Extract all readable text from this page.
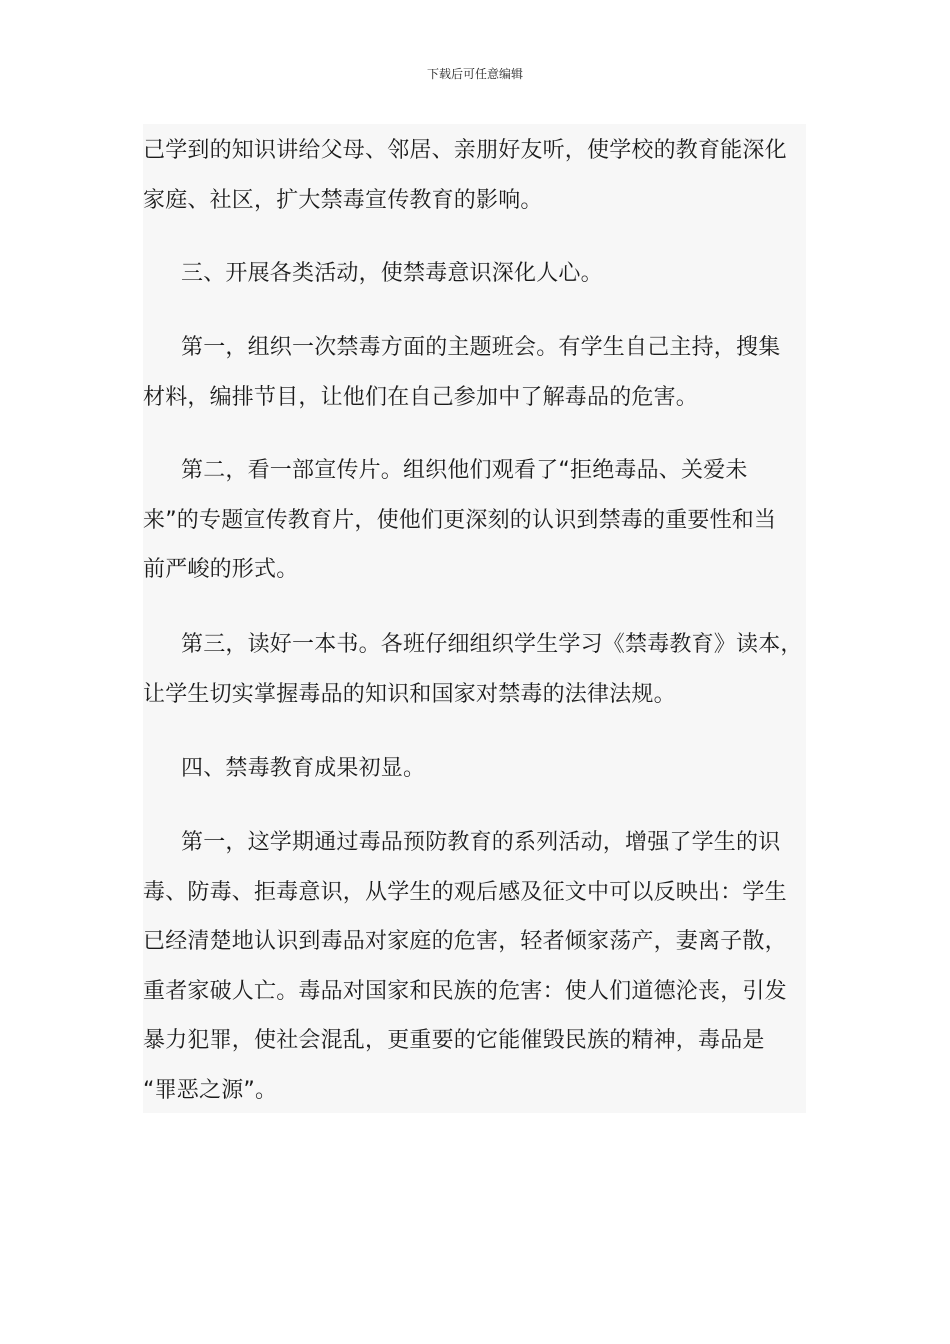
下载后可任意编辑
己学到的知识讲给父母、邻居、亲朋好友听，使学校的教育能深化
家庭、社区，扩大禁毒宣传教育的影响。
三、开展各类活动，使禁毒意识深化人心。
第一，组织一次禁毒方面的主题班会。有学生自己主持，搜集
材料，编排节目，让他们在自己参加中了解毒品的危害。
第二，看一部宣传片。组织他们观看了“拒绝毒品、关爱未
来”的专题宣传教育片，使他们更深刻的认识到禁毒的重要性和当
前严峻的形式。
第三，读好一本书。各班仔细组织学生学习《禁毒教育》读本，
让学生切实掌握毒品的知识和国家对禁毒的法律法规。
四、禁毒教育成果初显。
第一，这学期通过毒品预防教育的系列活动，增强了学生的识
毒、防毒、拒毒意识，从学生的观后感及征文中可以反映出：学生
已经清楚地认识到毒品对家庭的危害，轻者倾家荡产，妻离子散，
重者家破人亡。毒品对国家和民族的危害：使人们道德沦丧，引发
暴力犯罪，使社会混乱，更重要的它能催毁民族的精神，毒品是
“罪恶之源”。
